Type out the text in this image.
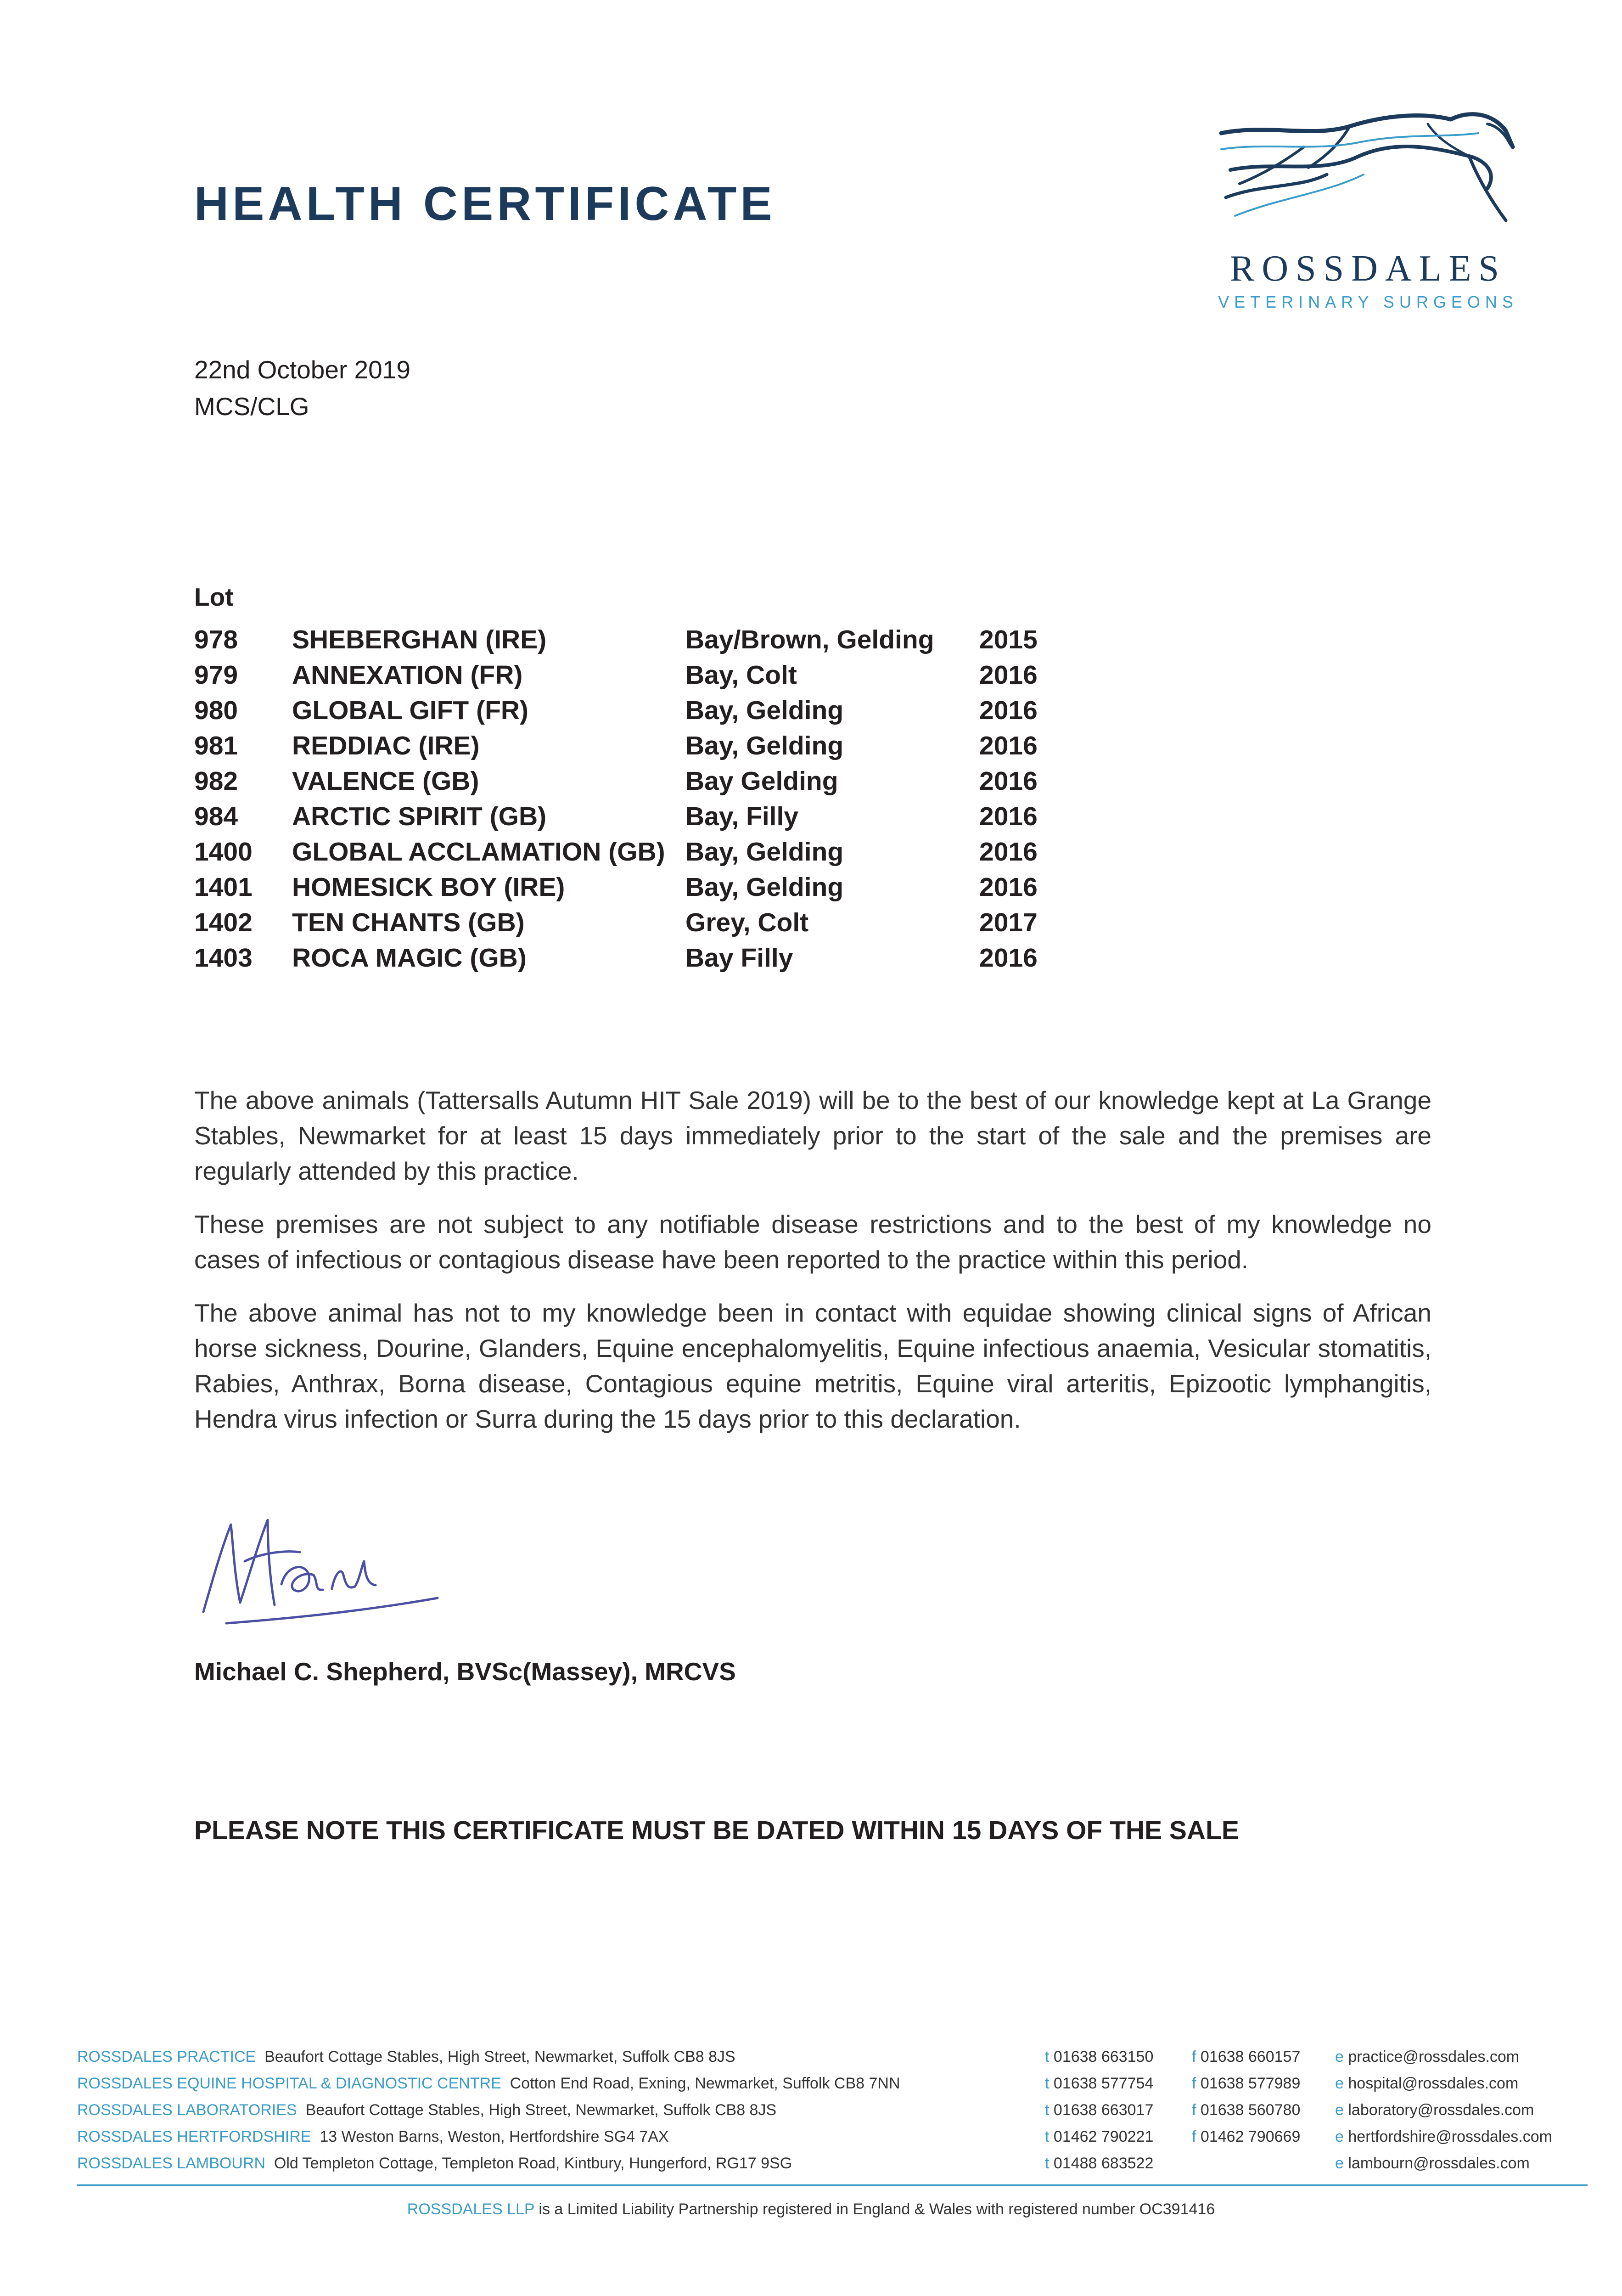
HEALTH CERTIFICATE
ROSSDALES
VETERINARY SURGEONS
22nd October 2019
MCS/CLG
Lot
978 SHEBERGHAN (IRE)	Bay/Brown, Gelding 2015
979 ANNEXATION (FR)	Bay, Colt	2016
980 GLOBAL GIFT (FR)	Bay, Gelding	2016
981 REDDIAC (IRE)	Bay, Gelding	2016
982 VALENCE (GB)	Bay Gelding	2016
984 ARCTIC SPIRIT (GB)	Bay, Filly	2016
1400 GLOBAL ACCLAMATION (GB) Bay, Gelding	2016
1401 HOMESICK BOY (IRE)	Bay, Gelding	2016
1402 TEN CHANTS (GB)	Grey, Colt	2017
1403 ROCA MAGIC (GB)	Bay Filly	2016

The above animals (Tattersalls Autumn HIT Sale 2019) will be to the best of our knowledge kept at La Grange Stables, Newmarket for at least 15 days immediately prior to the start of the sale and the premises are regularly attended by this practice.

These premises are not subject to any notifiable disease restrictions and to the best of my knowledge no cases of infectious or contagious disease have been reported to the practice within this period.

The above animal has not to my knowledge been in contact with equidae showing clinical signs of African horse sickness, Dourine, Glanders, Equine encephalomyelitis, Equine infectious anaemia, Vesicular stomatitis, Rabies, Anthrax, Borna disease, Contagious equine metritis, Equine viral arteritis, Epizootic lymphangitis, Hendra virus infection or Surra during the 15 days prior to this declaration.

Michael C. Shepherd, BVSc(Massey), MRCVS
PLEASE NOTE THIS CERTIFICATE MUST BE DATED WITHIN 15 DAYS OF THE SALE
ROSSDALES PRACTICE Beaufort Cottage Stables, High Street, Newmarket, Suffolk CB8 8JS	t 01638 663150 f 01638 660157 e practice@rossdales.com
ROSSDALES EQUINE HOSPITAL & DIAGNOSTIC CENTRE Cotton End Road, Exning, Newmarket, Suffolk CB8 7NN	t 01638 577754 f 01638 577989 e hospital@rossdales.com
ROSSDALES LABORATORIES Beaufort Cottage Stables, High Street, Newmarket, Suffolk CB8 8JS	t 01638 663017 f 01638 560780 e laboratory@rossdales.com
ROSSDALES HERTFORDSHIRE 13 Weston Barns, Weston, Hertfordshire SG4 7AX	t 01462 790221 f 01462 790669 e hertfordshire@rossdales.com
ROSSDALES LAMBOURN Old Templeton Cottage, Templeton Road, Kintbury, Hungerford, RG17 9SG	t 01488 683522	e lambourn@rossdales.com
ROSSDALES LLP is a Limited Liability Partnership registered in England & Wales with registered number OC391416
